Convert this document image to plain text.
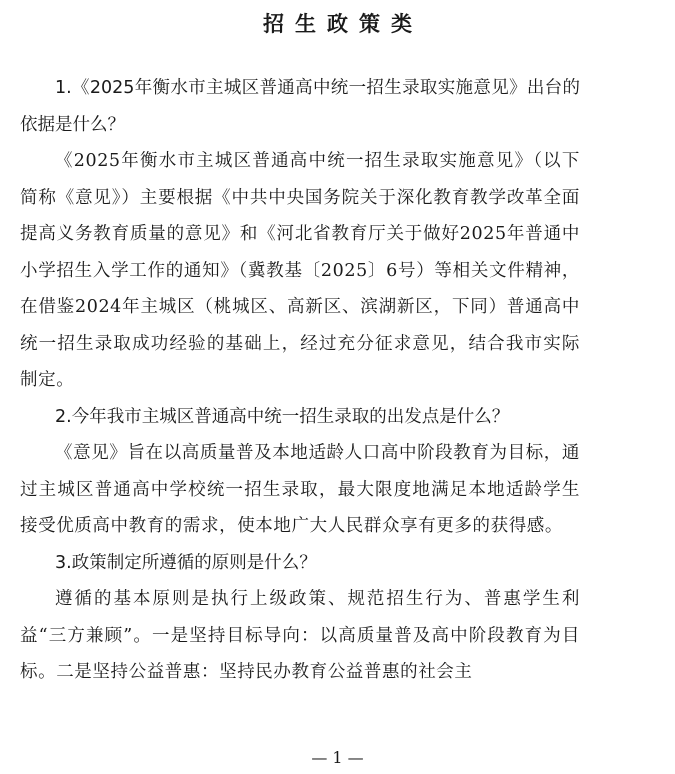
招生政策类

1.《2025年衡水市主城区普通高中统一招生录取实施意见》出台的依据是什么？

《2025年衡水市主城区普通高中统一招生录取实施意见》（以下简称《意见》）主要根据《中共中央国务院关于深化教育教学改革全面提高义务教育质量的意见》和《河北省教育厅关于做好2025年普通中小学招生入学工作的通知》（冀教基〔2025〕6号）等相关文件精神，在借鉴2024年主城区（桃城区、高新区、滨湖新区，下同）普通高中统一招生录取成功经验的基础上，经过充分征求意见，结合我市实际制定。

2.今年我市主城区普通高中统一招生录取的出发点是什么？

《意见》旨在以高质量普及本地适龄人口高中阶段教育为目标，通过主城区普通高中学校统一招生录取，最大限度地满足本地适龄学生接受优质高中教育的需求，使本地广大人民群众享有更多的获得感。

3.政策制定所遵循的原则是什么？

遵循的基本原则是执行上级政策、规范招生行为、普惠学生利益“三方兼顾”。一是坚持目标导向：以高质量普及高中阶段教育为目标。二是坚持公益普惠：坚持民办教育公益普惠的社会主

— 1 —
